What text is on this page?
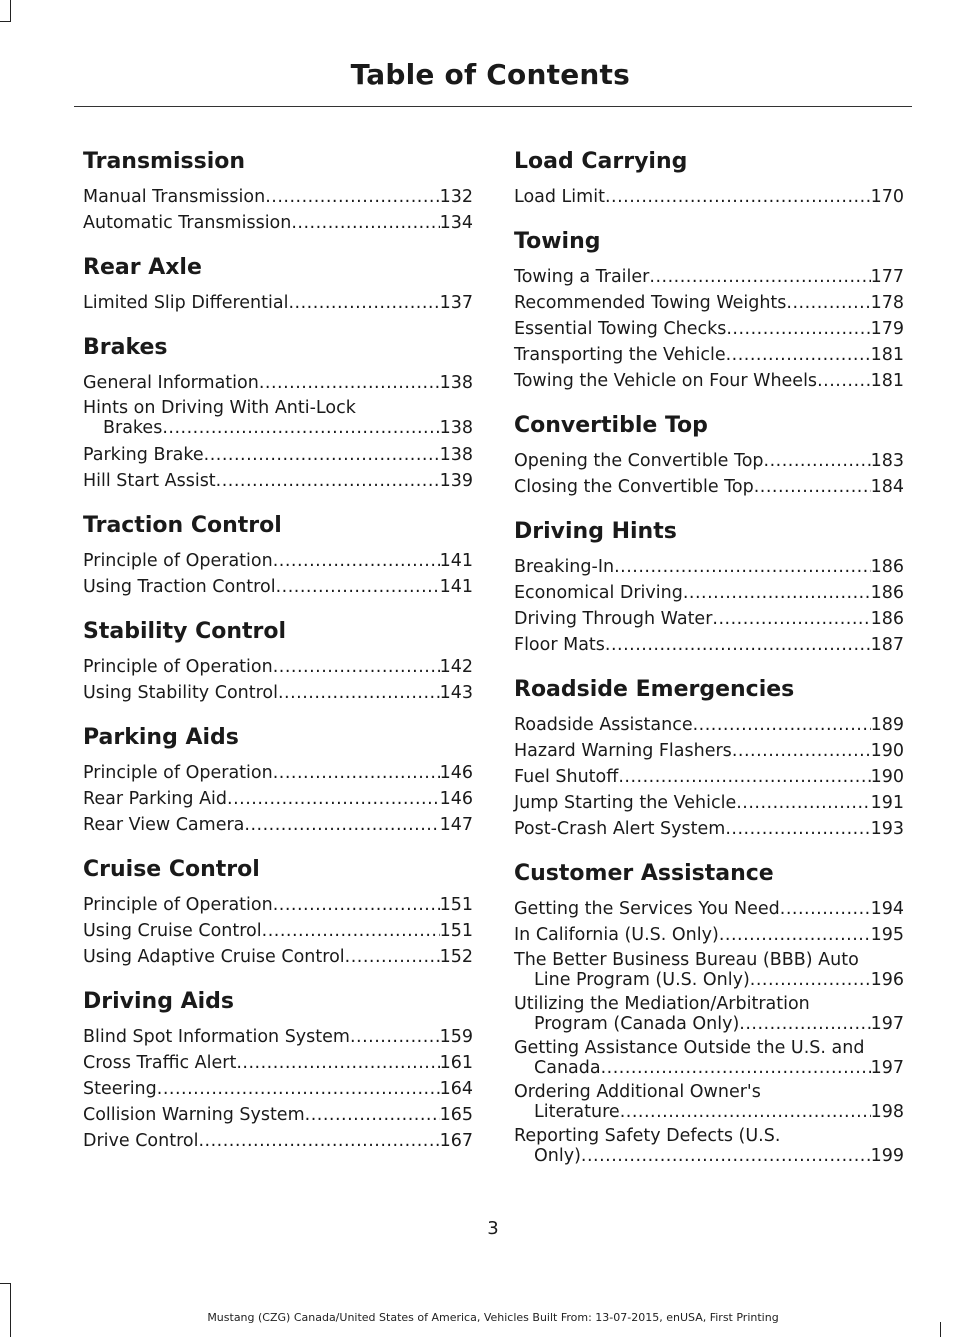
Table of Contents
Transmission
Manual Transmission .....	132
Automatic Transmission .....	134
Rear Axle
Limited Slip Differential .....	137
Brakes
General Information .....	138
Hints on Driving With Anti-Lock
Brakes .....	138
Parking Brake .....	138
Hill Start Assist .....	139
Traction Control
Principle of Operation .....	141
Using Traction Control .....	141
Stability Control
Principle of Operation .....	142
Using Stability Control .....	143
Parking Aids
Principle of Operation .....	146
Rear Parking Aid .....	146
Rear View Camera .....	147
Cruise Control
Principle of Operation .....	151
Using Cruise Control .....	151
Using Adaptive Cruise Control .....	152
Driving Aids
Blind Spot Information System .....	159
Cross Traffic Alert .....	161
Steering .....	164
Collision Warning System .....	165
Drive Control .....	167
Load Carrying
Load Limit .....	170
Towing
Towing a Trailer .....	177
Recommended Towing Weights .....	178
Essential Towing Checks .....	179
Transporting the Vehicle .....	181
Towing the Vehicle on Four Wheels .....	181
Convertible Top
Opening the Convertible Top .....	183
Closing the Convertible Top .....	184
Driving Hints
Breaking-In .....	186
Economical Driving .....	186
Driving Through Water .....	186
Floor Mats .....	187
Roadside Emergencies
Roadside Assistance .....	189
Hazard Warning Flashers .....	190
Fuel Shutoff .....	190
Jump Starting the Vehicle .....	191
Post-Crash Alert System .....	193
Customer Assistance
Getting the Services You Need .....	194
In California (U.S. Only) .....	195
The Better Business Bureau (BBB) Auto
Line Program (U.S. Only) .....	196
Utilizing the Mediation/Arbitration
Program (Canada Only) .....	197
Getting Assistance Outside the U.S. and
Canada .....	197
Ordering Additional Owner's
Literature .....	198
Reporting Safety Defects (U.S.
Only) .....	199
3
Mustang (CZG) Canada/United States of America, Vehicles Built From: 13-07-2015, enUSA, First Printing
